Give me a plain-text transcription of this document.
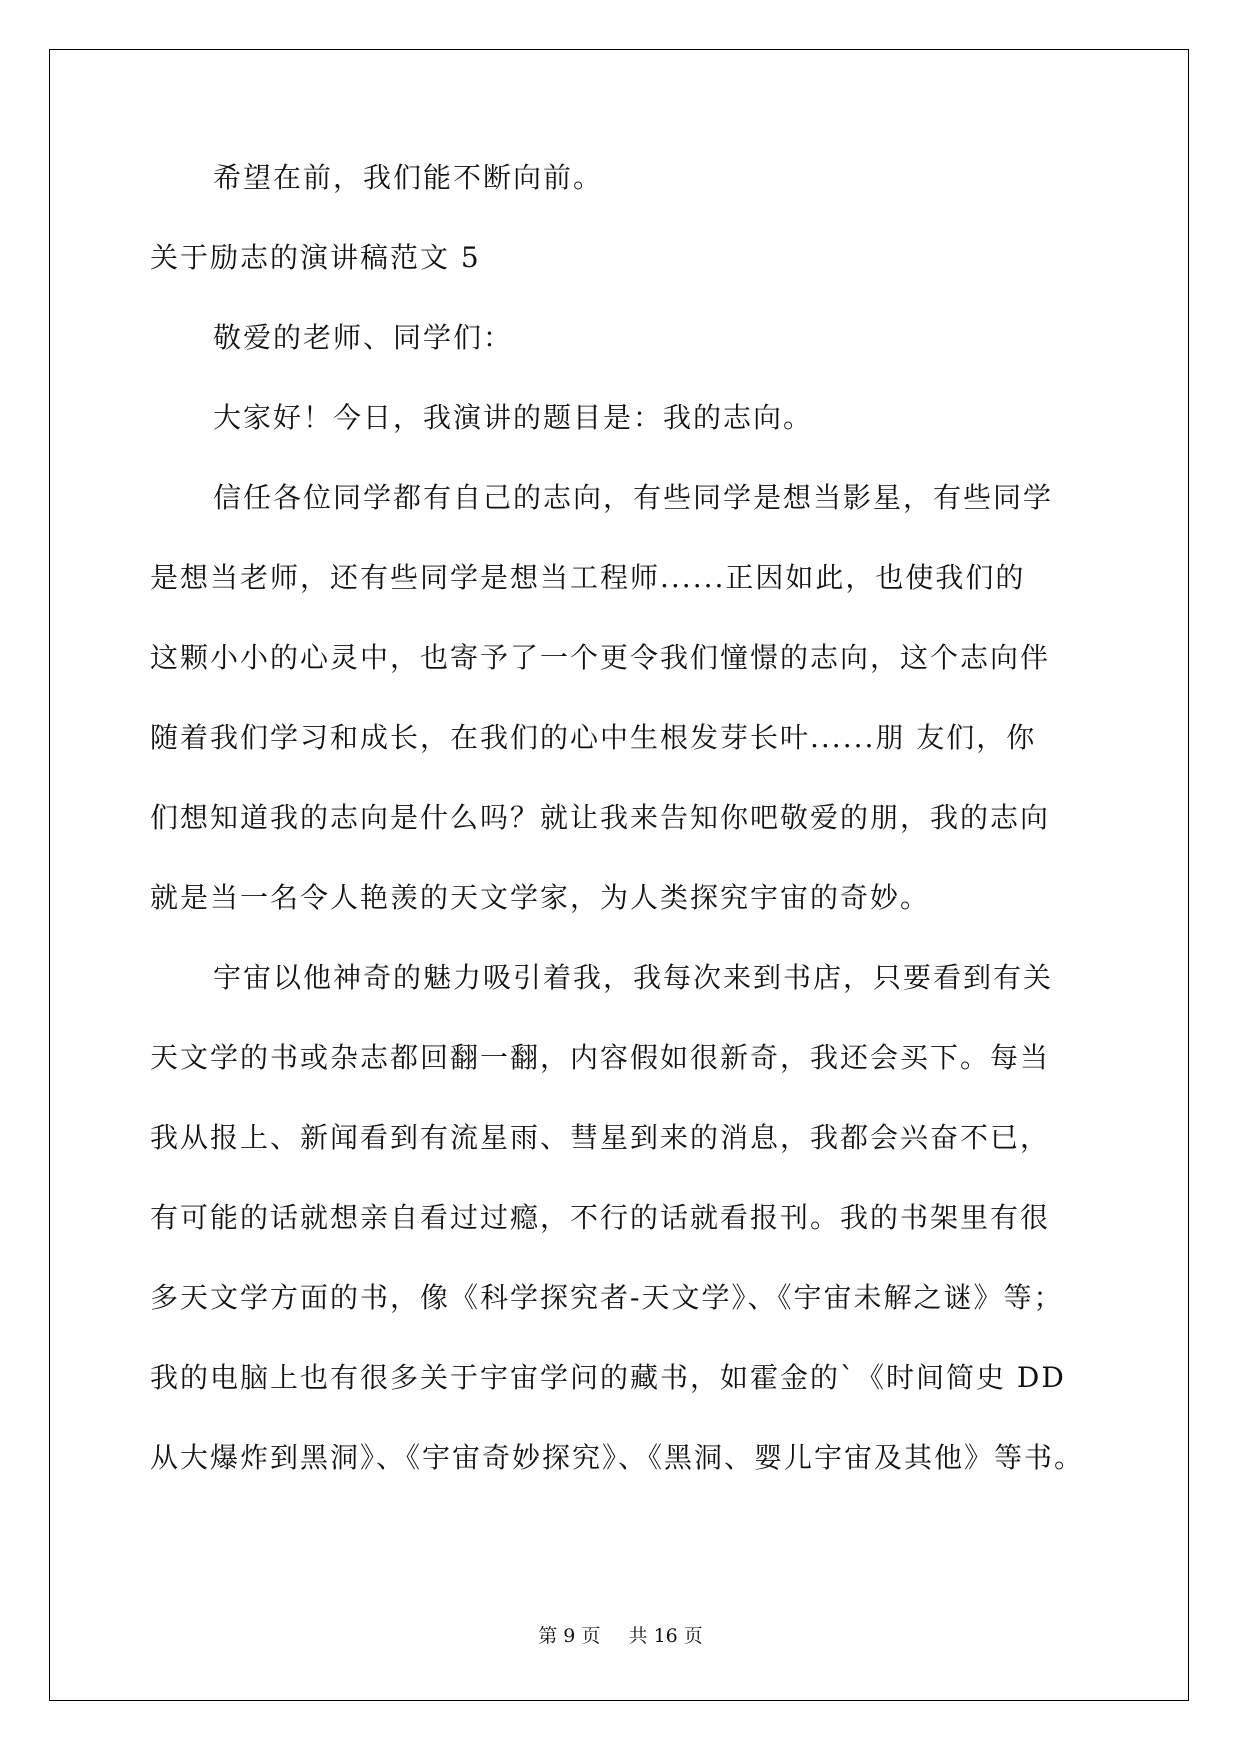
希望在前，我们能不断向前。
关于励志的演讲稿范文 5
敬爱的老师、同学们：
大家好！今日，我演讲的题目是：我的志向。
信任各位同学都有自己的志向，有些同学是想当影星，有些同学
是想当老师，还有些同学是想当工程师......正因如此，也使我们的
这颗小小的心灵中，也寄予了一个更令我们憧憬的志向，这个志向伴
随着我们学习和成长，在我们的心中生根发芽长叶......朋 友们，你
们想知道我的志向是什么吗？就让我来告知你吧敬爱的朋，我的志向
就是当一名令人艳羡的天文学家，为人类探究宇宙的奇妙。
宇宙以他神奇的魅力吸引着我，我每次来到书店，只要看到有关
天文学的书或杂志都回翻一翻，内容假如很新奇，我还会买下。每当
我从报上、新闻看到有流星雨、彗星到来的消息，我都会兴奋不已，
有可能的话就想亲自看过过瘾，不行的话就看报刊。我的书架里有很
多天文学方面的书，像《科学探究者-天文学》、《宇宙未解之谜》等；
我的电脑上也有很多关于宇宙学问的藏书，如霍金的`《时间简史 DD
从大爆炸到黑洞》、《宇宙奇妙探究》、《黑洞、婴儿宇宙及其他》等书。
第 9 页 共 16 页
